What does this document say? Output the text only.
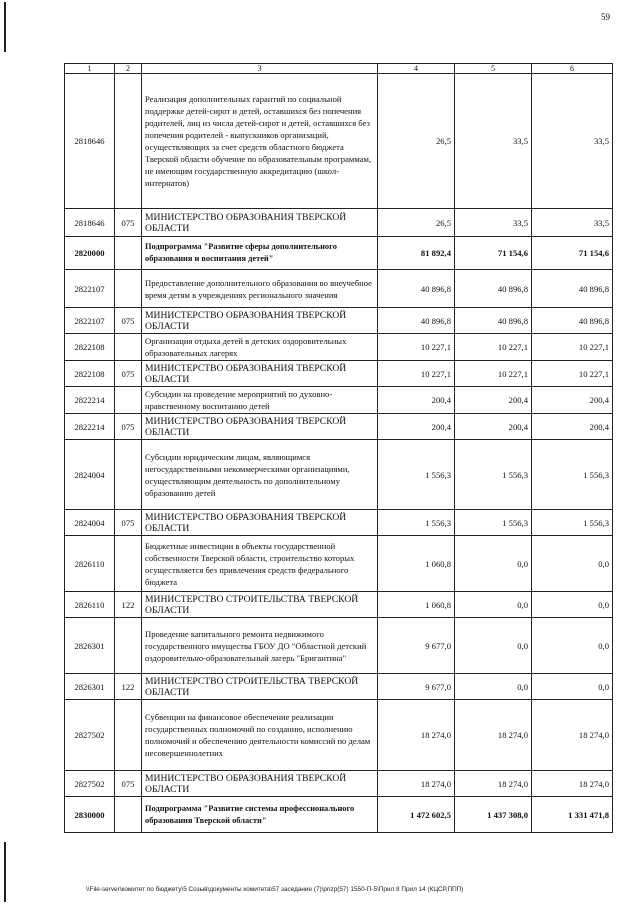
59
1	2	3	4	5	6
2818646		Реализация дополнительных гарантий по социальной поддержке детей-сирот и детей, оставшихся без попечения родителей, лиц из числа детей-сирот и детей, оставшихся без попечения родителей - выпускников организаций, осуществляющих за счет средств областного бюджета Тверской области обучение по образовательным программам, не имеющим государственную аккредитацию (школ-интернатов)	26,5	33,5	33,5
2818646	075	МИНИСТЕРСТВО ОБРАЗОВАНИЯ ТВЕРСКОЙ ОБЛАСТИ	26,5	33,5	33,5
2820000		Подпрограмма "Развитие сферы дополнительного образования и воспитания детей"	81 892,4	71 154,6	71 154,6
2822107		Предоставление дополнительного образования во внеучебное время детям в учреждениях регионального значения	40 896,8	40 896,8	40 896,8
2822107	075	МИНИСТЕРСТВО ОБРАЗОВАНИЯ ТВЕРСКОЙ ОБЛАСТИ	40 896,8	40 896,8	40 896,8
2822108		Организация отдыха детей в детских оздоровительных образовательных лагерях	10 227,1	10 227,1	10 227,1
2822108	075	МИНИСТЕРСТВО ОБРАЗОВАНИЯ ТВЕРСКОЙ ОБЛАСТИ	10 227,1	10 227,1	10 227,1
2822214		Субсидии на проведение мероприятий по духовно-нравственному воспитанию детей	200,4	200,4	200,4
2822214	075	МИНИСТЕРСТВО ОБРАЗОВАНИЯ ТВЕРСКОЙ ОБЛАСТИ	200,4	200,4	200,4
2824004		Субсидии юридическим лицам, являющимся негосударственными некоммерческими организациями, осуществляющим деятельность по дополнительному образованию детей	1 556,3	1 556,3	1 556,3
2824004	075	МИНИСТЕРСТВО ОБРАЗОВАНИЯ ТВЕРСКОЙ ОБЛАСТИ	1 556,3	1 556,3	1 556,3
2826110		Бюджетные инвестиции в объекты государственной собственности Тверской области, строительство которых осуществляется без привлечения средств федерального бюджета	1 060,8	0,0	0,0
2826110	122	МИНИСТЕРСТВО СТРОИТЕЛЬСТВА ТВЕРСКОЙ ОБЛАСТИ	1 060,8	0,0	0,0
2826301		Проведение капитального ремонта недвижимого государственного имущества ГБОУ ДО "Областной детский оздоровительно-образовательный лагерь "Бригантина"	9 677,0	0,0	0,0
2826301	122	МИНИСТЕРСТВО СТРОИТЕЛЬСТВА ТВЕРСКОЙ ОБЛАСТИ	9 677,0	0,0	0,0
2827502		Субвенции на финансовое обеспечение реализации государственных полномочий по созданию, исполнению полномочий и обеспечению деятельности комиссий по делам несовершеннолетних	18 274,0	18 274,0	18 274,0
2827502	075	МИНИСТЕРСТВО ОБРАЗОВАНИЯ ТВЕРСКОЙ ОБЛАСТИ	18 274,0	18 274,0	18 274,0
2830000		Подпрограмма "Развитие системы профессионального образования Тверской области"	1 472 602,5	1 437 308,0	1 331 471,8
\\File-server\комитет по бюджету\5 Созыв\документы комитета\57 заседание (7)\prizp(57) 1550-П-5\Прил 8 Прил 14 (КЦСР,ППП)
